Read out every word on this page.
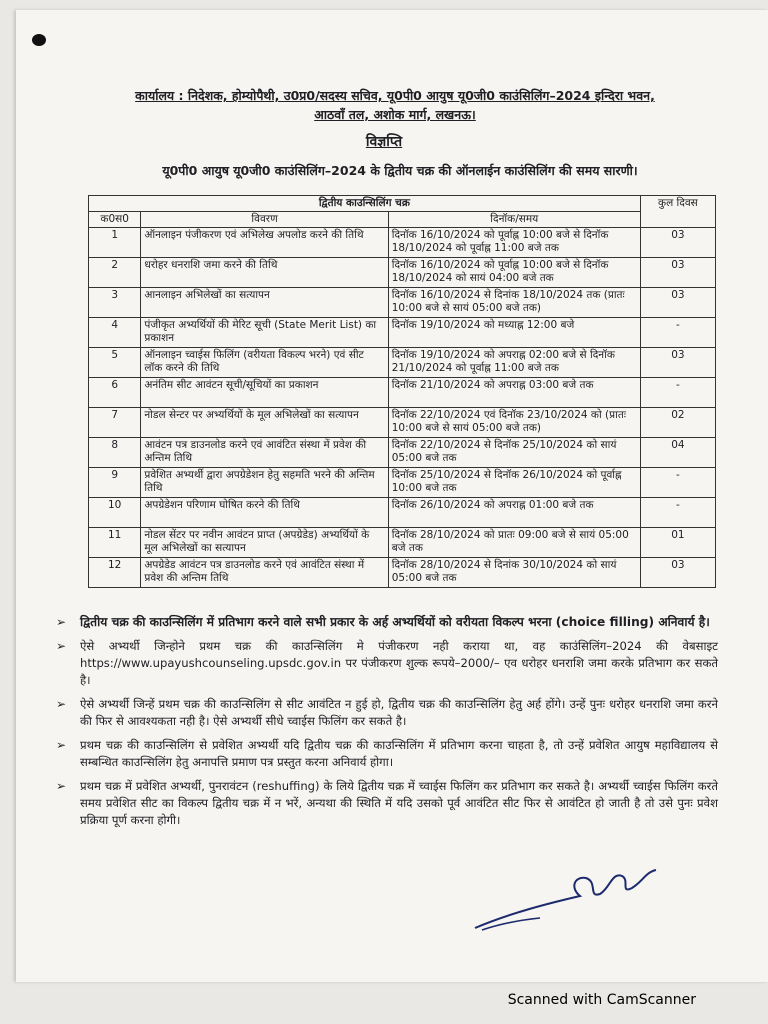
कार्यालय : निदेशक, होम्योपैथी, उ0प्र0/सदस्य सचिव, यू0पी0 आयुष यू0जी0 काउंसिलिंग–2024 इन्दिरा भवन,
आठवॉं तल, अशोक मार्ग, लखनऊ।
विज्ञप्ति
यू0पी0 आयुष यू0जी0 काउंसिलिंग–2024 के द्वितीय चक्र की ऑनलाईन काउंसिलिंग की समय सारणी।
द्वितीय काउन्सिलिंग चक्र			कुल दिवस
क0स0	विवरण	दिनॉक/समय	
1	ऑनलाइन पंजीकरण एवं अभिलेख अपलोड करने की तिथि	दिनॉक 16/10/2024 को पूर्वाह्न 10:00 बजे से दिनॉक 18/10/2024 को पूर्वाह्न 11:00 बजे तक	03
2	धरोहर धनराशि जमा करने की तिथि	दिनॉक 16/10/2024 को पूर्वाह्न 10:00 बजे से दिनॉक 18/10/2024 को सायं 04:00 बजे तक	03
3	आनलाइन अभिलेखों का सत्यापन	दिनॉक 16/10/2024 से दिनांक 18/10/2024 तक (प्रातः 10:00 बजे से सायं 05:00 बजे तक)	03
4	पंजीकृत अभ्यर्थियों की मेरिट सूची (State Merit List) का प्रकाशन	दिनॉक 19/10/2024 को मध्याह्न 12:00 बजे	-
5	ऑनलाइन च्वाईस फिलिंग (वरीयता विकल्प भरने) एवं सीट लॉक करने की तिथि	दिनॉक 19/10/2024 को अपराह्न 02:00 बजे से दिनॉक 21/10/2024 को पूर्वाह्न 11:00 बजे तक	03
6	अनंतिम सीट आवंटन सूची/सूचियों का प्रकाशन	दिनॉक 21/10/2024 को अपराह्न 03:00 बजे तक	-
7	नोडल सेन्टर पर अभ्यर्थियों के मूल अभिलेखों का सत्यापन	दिनॉक 22/10/2024 एवं दिनॉक 23/10/2024 को (प्रातः 10:00 बजे से सायं 05:00 बजे तक)	02
8	आवंटन पत्र डाउनलोड करने एवं आवंटित संस्था में प्रवेश की अन्तिम तिथि	दिनॉक 22/10/2024 से दिनॉक 25/10/2024 को सायं 05:00 बजे तक	04
9	प्रवेशित अभ्यर्थी द्वारा अपग्रेडेशन हेतु सहमति भरने की अन्तिम तिथि	दिनॉक 25/10/2024 से दिनॉक 26/10/2024 को पूर्वाह्न 10:00 बजे तक	-
10	अपग्रेडेशन परिणाम घोषित करने की तिथि	दिनॉक 26/10/2024 को अपराह्न 01:00 बजे तक	-
11	नोडल सेंटर पर नवीन आवंटन प्राप्त (अपग्रेडेड) अभ्यर्थियों के मूल अभिलेखों का सत्यापन	दिनॉक 28/10/2024 को प्रातः 09:00 बजे से सायं 05:00 बजे तक	01
12	अपग्रेडेड आवंटन पत्र डाउनलोड करने एवं आवंटित संस्था में प्रवेश की अन्तिम तिथि	दिनॉक 28/10/2024 से दिनांक 30/10/2024 को सायं 05:00 बजे तक	03
➢ द्वितीय चक्र की काउन्सिलिंग में प्रतिभाग करने वाले सभी प्रकार के अर्ह अभ्यर्थियों को वरीयता विकल्प भरना (choice filling) अनिवार्य है।
➢ ऐसे अभ्यर्थी जिन्होने प्रथम चक्र की काउन्सिलिंग मे पंजीकरण नही कराया था, वह काउंसिलिंग–2024 की वेबसाइट https://www.upayushcounseling.upsdc.gov.in पर पंजीकरण शुल्क रूपये–2000/– एव धरोहर धनराशि जमा करके प्रतिभाग कर सकते है।
➢ ऐसे अभ्यर्थी जिन्हें प्रथम चक्र की काउन्सिलिंग से सीट आवंटित न हुई हो, द्वितीय चक्र की काउन्सिलिंग हेतु अर्ह होंगे। उन्हें पुनः धरोहर धनराशि जमा करने की फिर से आवश्यकता नही है। ऐसे अभ्यर्थी सीधे च्वाईस फिलिंग कर सकते है।
➢ प्रथम चक्र की काउन्सिलिंग से प्रवेशित अभ्यर्थी यदि द्वितीय चक्र की काउन्सिलिंग में प्रतिभाग करना चाहता है, तो उन्हें प्रवेशित आयुष महाविद्यालय से सम्बन्धित काउन्सिलिंग हेतु अनापत्ति प्रमाण पत्र प्रस्तुत करना अनिवार्य होगा।
➢ प्रथम चक्र में प्रवेशित अभ्यर्थी, पुनरावंटन (reshuffing) के लिये द्वितीय चक्र में च्वाईस फिलिंग कर प्रतिभाग कर सकते है। अभ्यर्थी च्वाईस फिलिंग करते समय प्रवेशित सीट का विकल्प द्वितीय चक्र में न भरें, अन्यथा की स्थिति में यदि उसको पूर्व आवंटित सीट फिर से आवंटित हो जाती है तो उसे पुनः प्रवेश प्रक्रिया पूर्ण करना होगी।
Scanned with CamScanner
